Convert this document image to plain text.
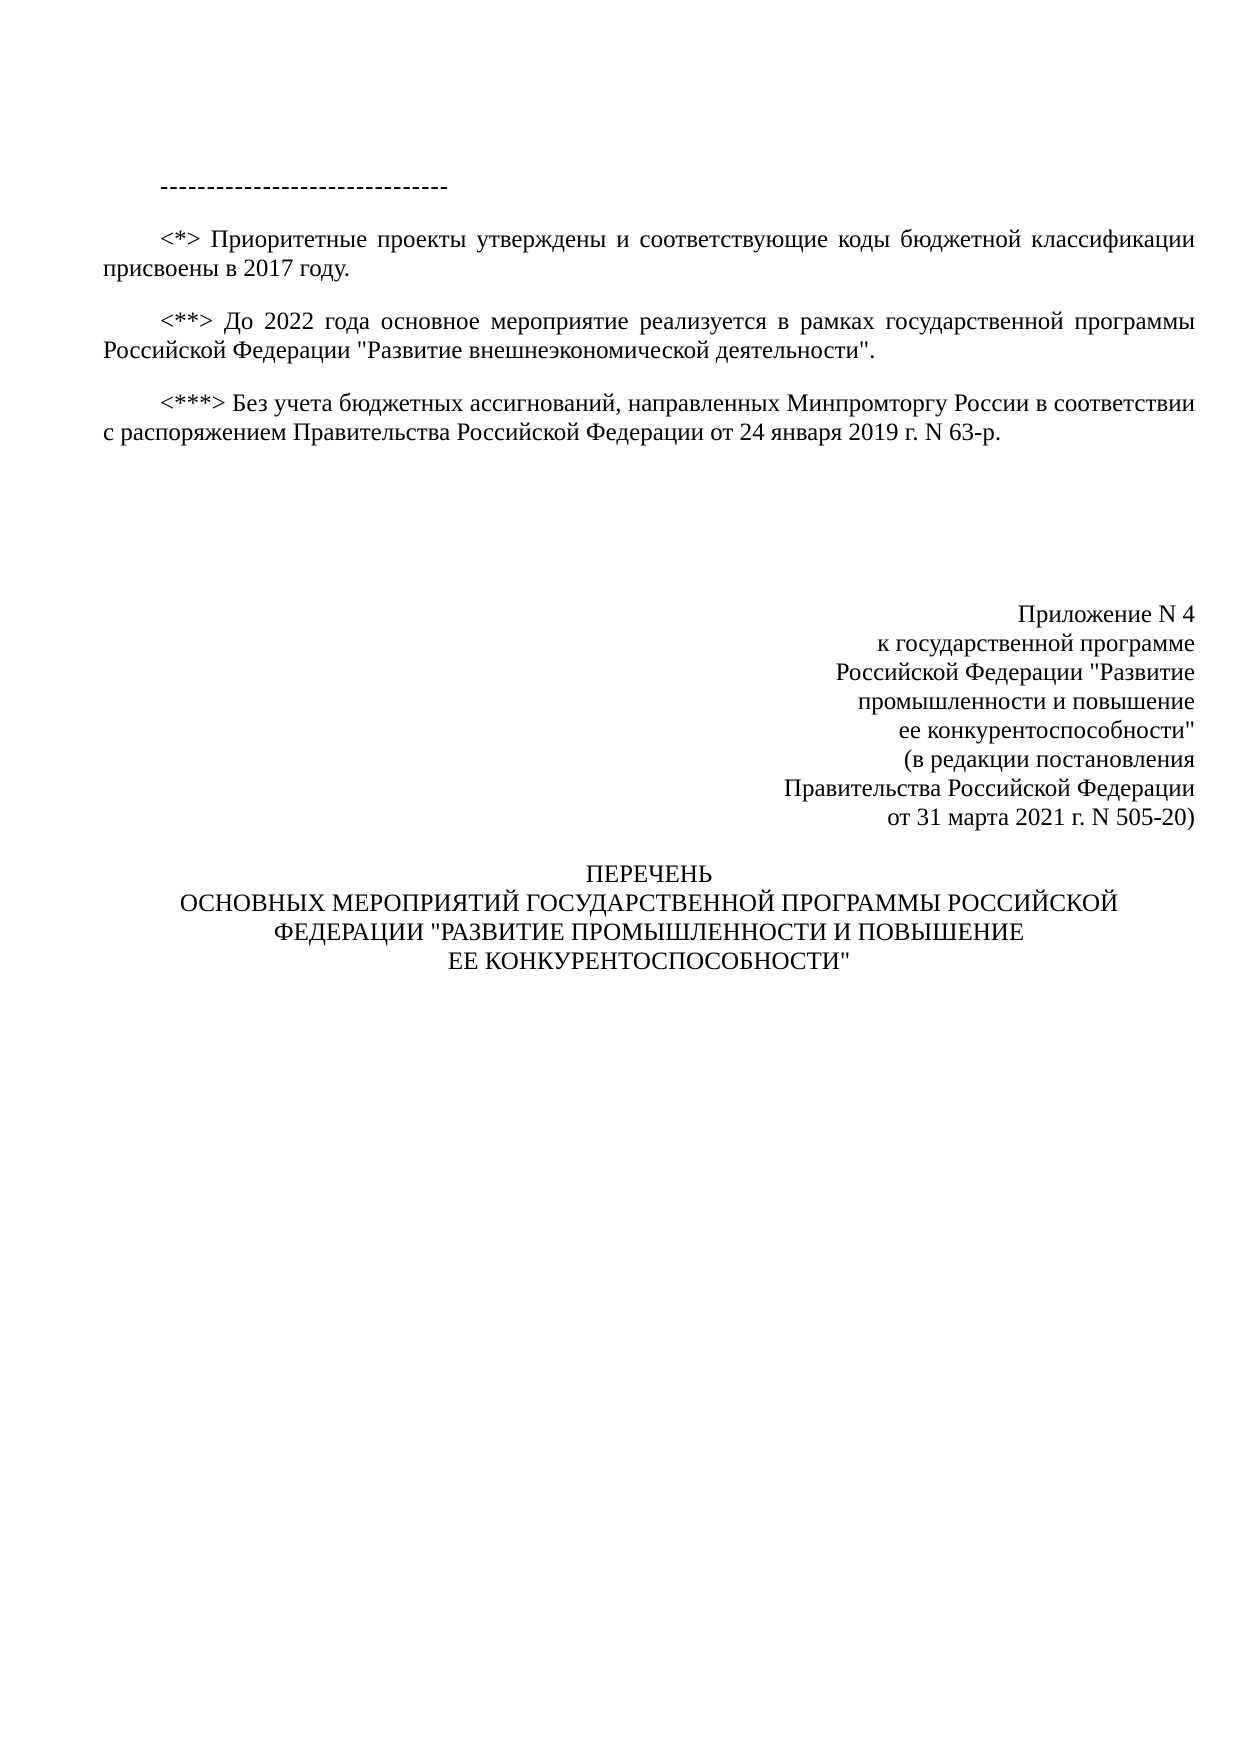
-------------------------------

<*> Приоритетные проекты утверждены и соответствующие коды бюджетной классификации присвоены в 2017 году.

<**> До 2022 года основное мероприятие реализуется в рамках государственной программы Российской Федерации "Развитие внешнеэкономической деятельности".

<***> Без учета бюджетных ассигнований, направленных Минпромторгу России в соответствии с распоряжением Правительства Российской Федерации от 24 января 2019 г. N 63-р.

Приложение N 4
к государственной программе
Российской Федерации "Развитие
промышленности и повышение
ее конкурентоспособности"
(в редакции постановления
Правительства Российской Федерации
от 31 марта 2021 г. N 505-20)
ПЕРЕЧЕНЬ
ОСНОВНЫХ МЕРОПРИЯТИЙ ГОСУДАРСТВЕННОЙ ПРОГРАММЫ РОССИЙСКОЙ
ФЕДЕРАЦИИ "РАЗВИТИЕ ПРОМЫШЛЕННОСТИ И ПОВЫШЕНИЕ
ЕЕ КОНКУРЕНТОСПОСОБНОСТИ"
